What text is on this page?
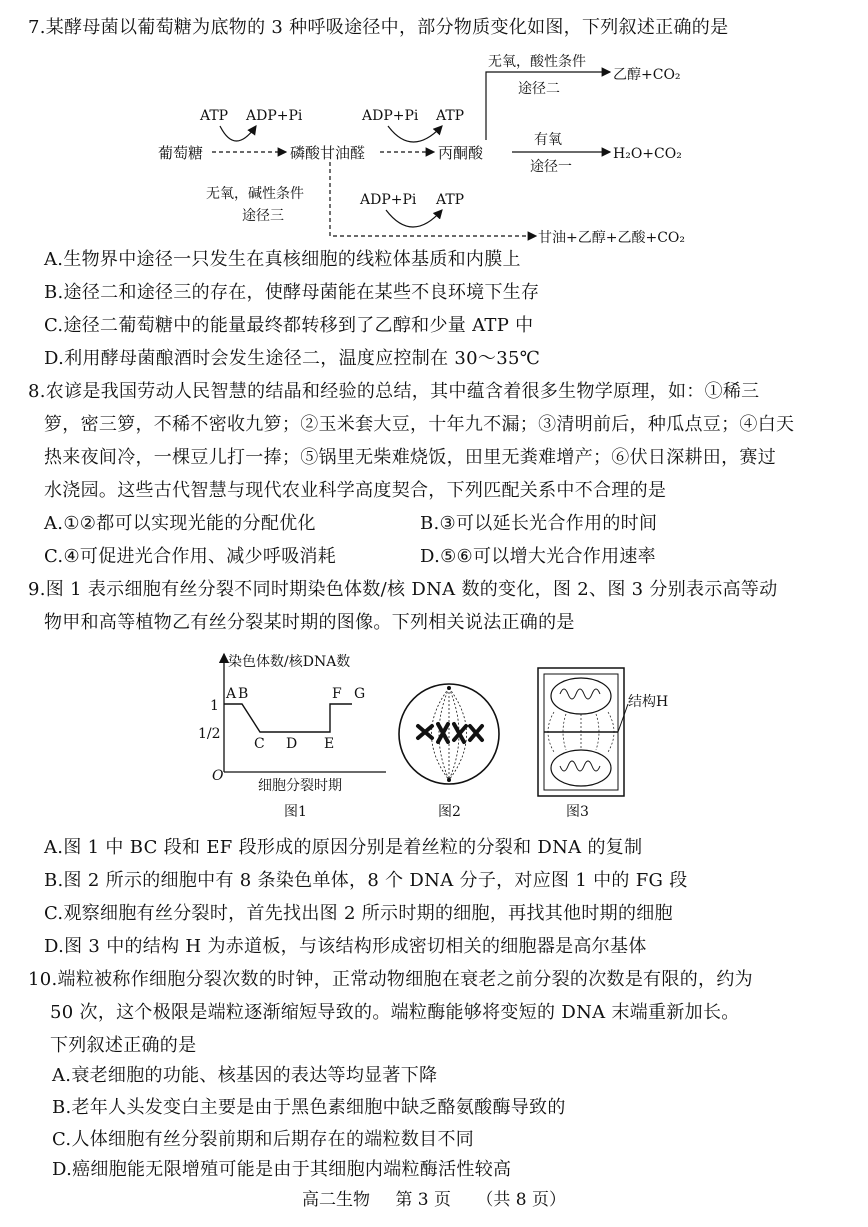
7.某酵母菌以葡萄糖为底物的 3 种呼吸途径中，部分物质变化如图，下列叙述正确的是
葡萄糖	磷酸甘油醛	丙酮酸
ATP ADP+Pi	ADP+Pi ATP
无氧，酸性条件
途径二
乙醇+CO₂
有氧
途径一
H₂O+CO₂
无氧，碱性条件
途径三
甘油+乙醇+乙酸+CO₂
ADP+Pi ATP
A.生物界中途径一只发生在真核细胞的线粒体基质和内膜上
B.途径二和途径三的存在，使酵母菌能在某些不良环境下生存
C.途径二葡萄糖中的能量最终都转移到了乙醇和少量 ATP 中
D.利用酵母菌酿酒时会发生途径二，温度应控制在 30～35℃
8.农谚是我国劳动人民智慧的结晶和经验的总结，其中蕴含着很多生物学原理，如：①稀三
箩，密三箩，不稀不密收九箩；②玉米套大豆，十年九不漏；③清明前后，种瓜点豆；④白天
热来夜间冷，一棵豆儿打一捧；⑤锅里无柴难烧饭，田里无粪难增产；⑥伏日深耕田，赛过
水浇园。这些古代智慧与现代农业科学高度契合，下列匹配关系中不合理的是
A.①②都可以实现光能的分配优化	B.③可以延长光合作用的时间
C.④可促进光合作用、减少呼吸消耗	D.⑤⑥可以增大光合作用速率
9.图 1 表示细胞有丝分裂不同时期染色体数/核 DNA 数的变化，图 2、图 3 分别表示高等动
物甲和高等植物乙有丝分裂某时期的图像。下列相关说法正确的是
染色体数/核DNA数
细胞分裂时期
1
1/2
O
A B
C D E
F G
图1	图2
结构H
图3
A.图 1 中 BC 段和 EF 段形成的原因分别是着丝粒的分裂和 DNA 的复制
B.图 2 所示的细胞中有 8 条染色单体，8 个 DNA 分子，对应图 1 中的 FG 段
C.观察细胞有丝分裂时，首先找出图 2 所示时期的细胞，再找其他时期的细胞
D.图 3 中的结构 H 为赤道板，与该结构形成密切相关的细胞器是高尔基体
10.端粒被称作细胞分裂次数的时钟，正常动物细胞在衰老之前分裂的次数是有限的，约为
50 次，这个极限是端粒逐渐缩短导致的。端粒酶能够将变短的 DNA 末端重新加长。
下列叙述正确的是
A.衰老细胞的功能、核基因的表达等均显著下降
B.老年人头发变白主要是由于黑色素细胞中缺乏酪氨酸酶导致的
C.人体细胞有丝分裂前期和后期存在的端粒数目不同
D.癌细胞能无限增殖可能是由于其细胞内端粒酶活性较高
高二生物 第 3 页 （共 8 页）
